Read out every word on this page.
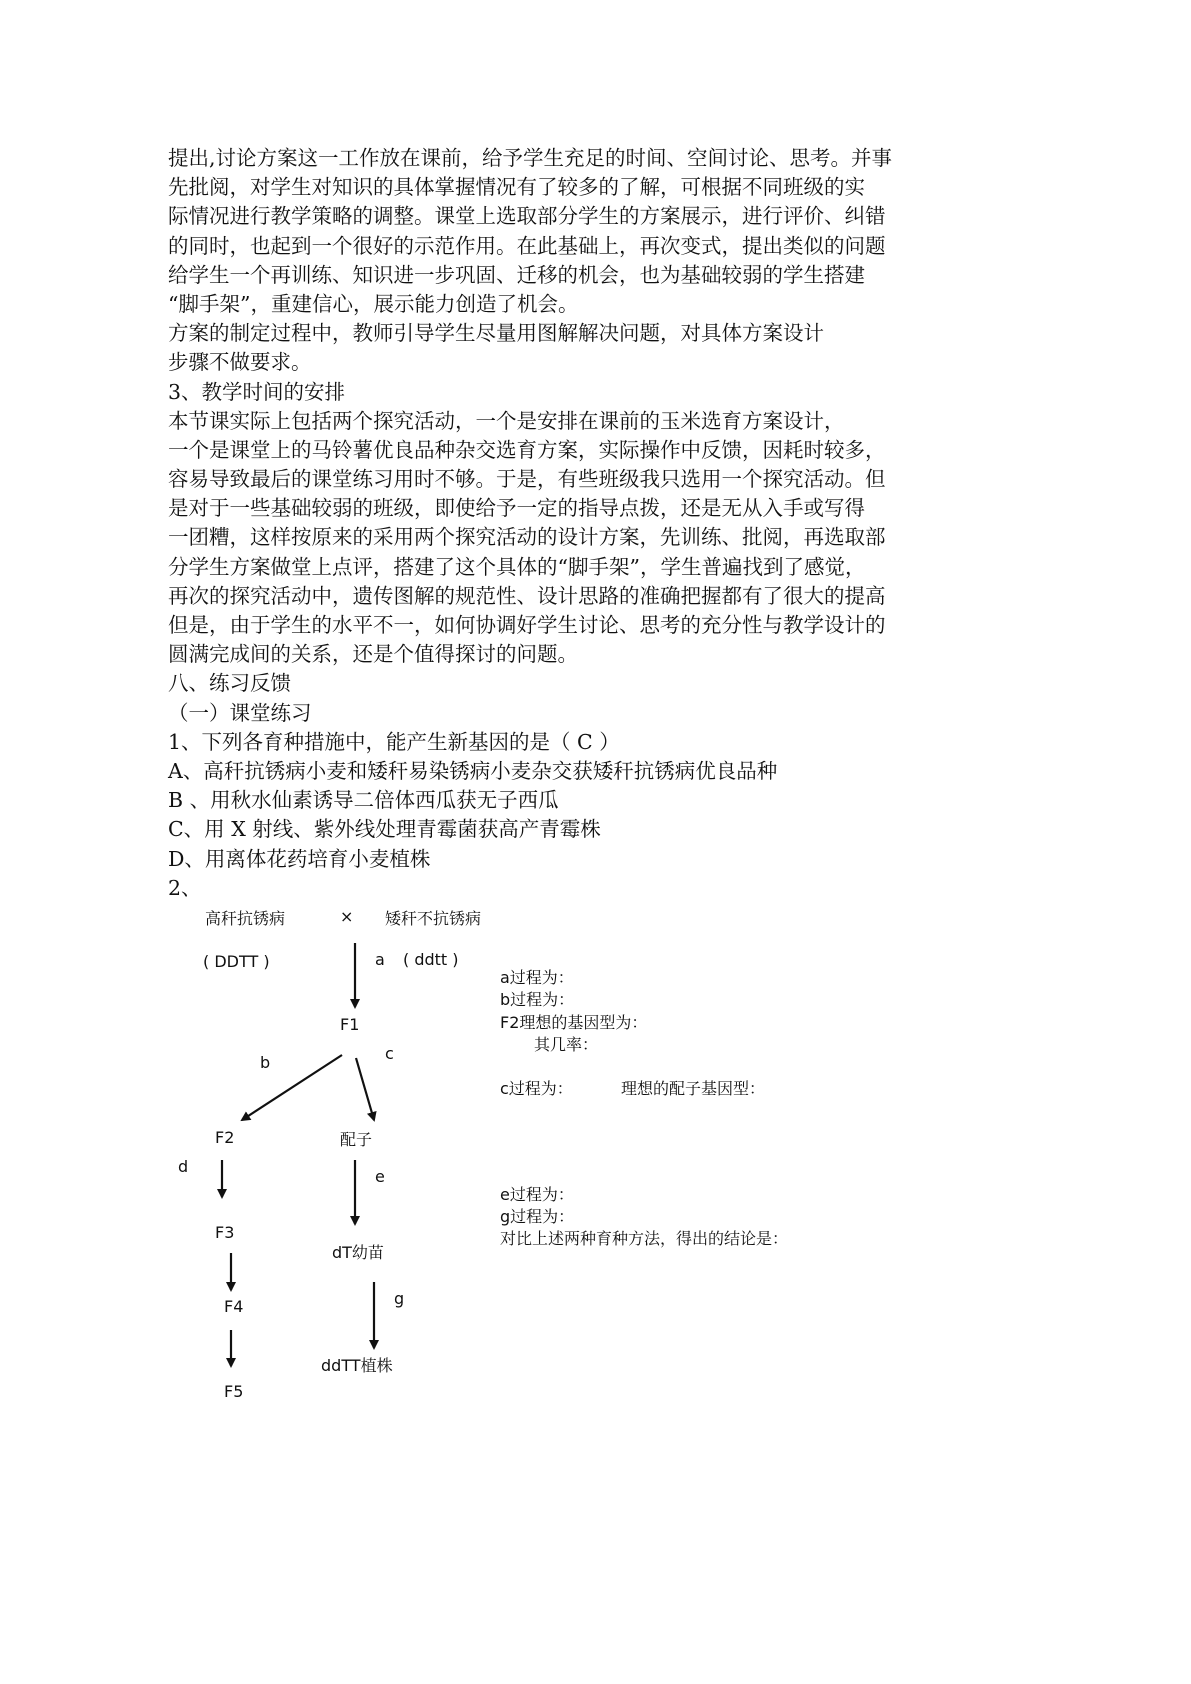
提出,讨论方案这一工作放在课前，给予学生充足的时间、空间讨论、思考。并事
先批阅，对学生对知识的具体掌握情况有了较多的了解，可根据不同班级的实
际情况进行教学策略的调整。课堂上选取部分学生的方案展示，进行评价、纠错
的同时，也起到一个很好的示范作用。在此基础上，再次变式，提出类似的问题
给学生一个再训练、知识进一步巩固、迁移的机会，也为基础较弱的学生搭建
“脚手架”，重建信心，展示能力创造了机会。
方案的制定过程中，教师引导学生尽量用图解解决问题，对具体方案设计
步骤不做要求。
3、教学时间的安排
本节课实际上包括两个探究活动，一个是安排在课前的玉米选育方案设计，
一个是课堂上的马铃薯优良品种杂交选育方案，实际操作中反馈，因耗时较多，
容易导致最后的课堂练习用时不够。于是，有些班级我只选用一个探究活动。但
是对于一些基础较弱的班级，即使给予一定的指导点拨，还是无从入手或写得
一团糟，这样按原来的采用两个探究活动的设计方案，先训练、批阅，再选取部
分学生方案做堂上点评，搭建了这个具体的“脚手架”，学生普遍找到了感觉，
再次的探究活动中，遗传图解的规范性、设计思路的准确把握都有了很大的提高
但是，由于学生的水平不一，如何协调好学生讨论、思考的充分性与教学设计的
圆满完成间的关系，还是个值得探讨的问题。
八、练习反馈
（一）课堂练习
1、下列各育种措施中，能产生新基因的是（ C ）
A、高秆抗锈病小麦和矮秆易染锈病小麦杂交获矮秆抗锈病优良品种
B 、用秋水仙素诱导二倍体西瓜获无子西瓜
C、用 X 射线、紫外线处理青霉菌获高产青霉株
D、用离体花药培育小麦植株
2、
高秆抗锈病	× 矮秆不抗锈病
( DDTT )	a ( ddtt )
F1
b	c
F2	配子
d
e
F3
dT幼苗
F4	g
ddTT植株
F5
a过程为：
b过程为：
F2理想的基因型为：
其几率：
c过程为：	理想的配子基因型：
e过程为：
g过程为：
对比上述两种育种方法，得出的结论是：
